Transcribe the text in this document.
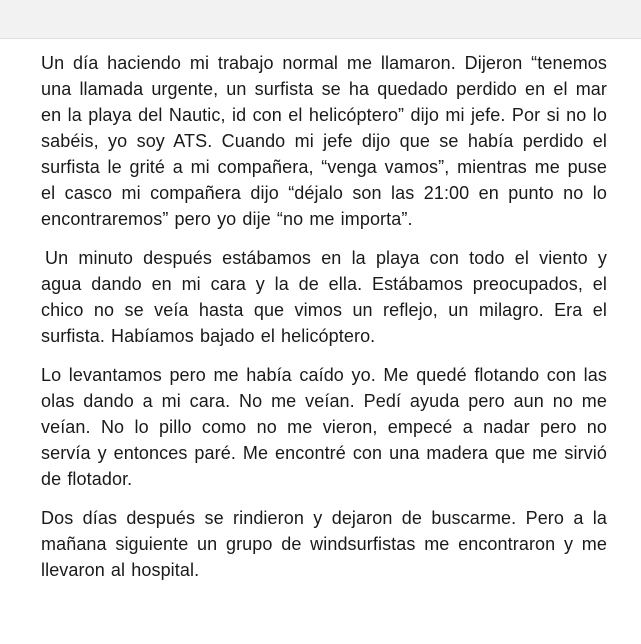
Un día haciendo mi trabajo normal me llamaron. Dijeron “tenemos una llamada urgente, un surfista se ha quedado perdido en el mar en la playa del Nautic, id con el helicóptero” dijo mi jefe. Por si no lo sabéis, yo soy ATS. Cuando mi jefe dijo que se había perdido el surfista le grité a mi compañera, “venga vamos”, mientras me puse el casco mi compañera dijo “déjalo son las 21:00 en punto no lo encontraremos” pero yo dije “no me importa”.

Un minuto después estábamos en la playa con todo el viento y agua dando en mi cara y la de ella. Estábamos preocupados, el chico no se veía hasta que vimos un reflejo, un milagro. Era el surfista. Habíamos bajado el helicóptero.

Lo levantamos pero me había caído yo. Me quedé flotando con las olas dando a mi cara. No me veían. Pedí ayuda pero aun no me veían. No lo pillo como no me vieron, empecé a nadar pero no servía y entonces paré. Me encontré con una madera que me sirvió de flotador.

Dos días después se rindieron y dejaron de buscarme. Pero a la mañana siguiente un grupo de windsurfistas me encontraron y me llevaron al hospital.
